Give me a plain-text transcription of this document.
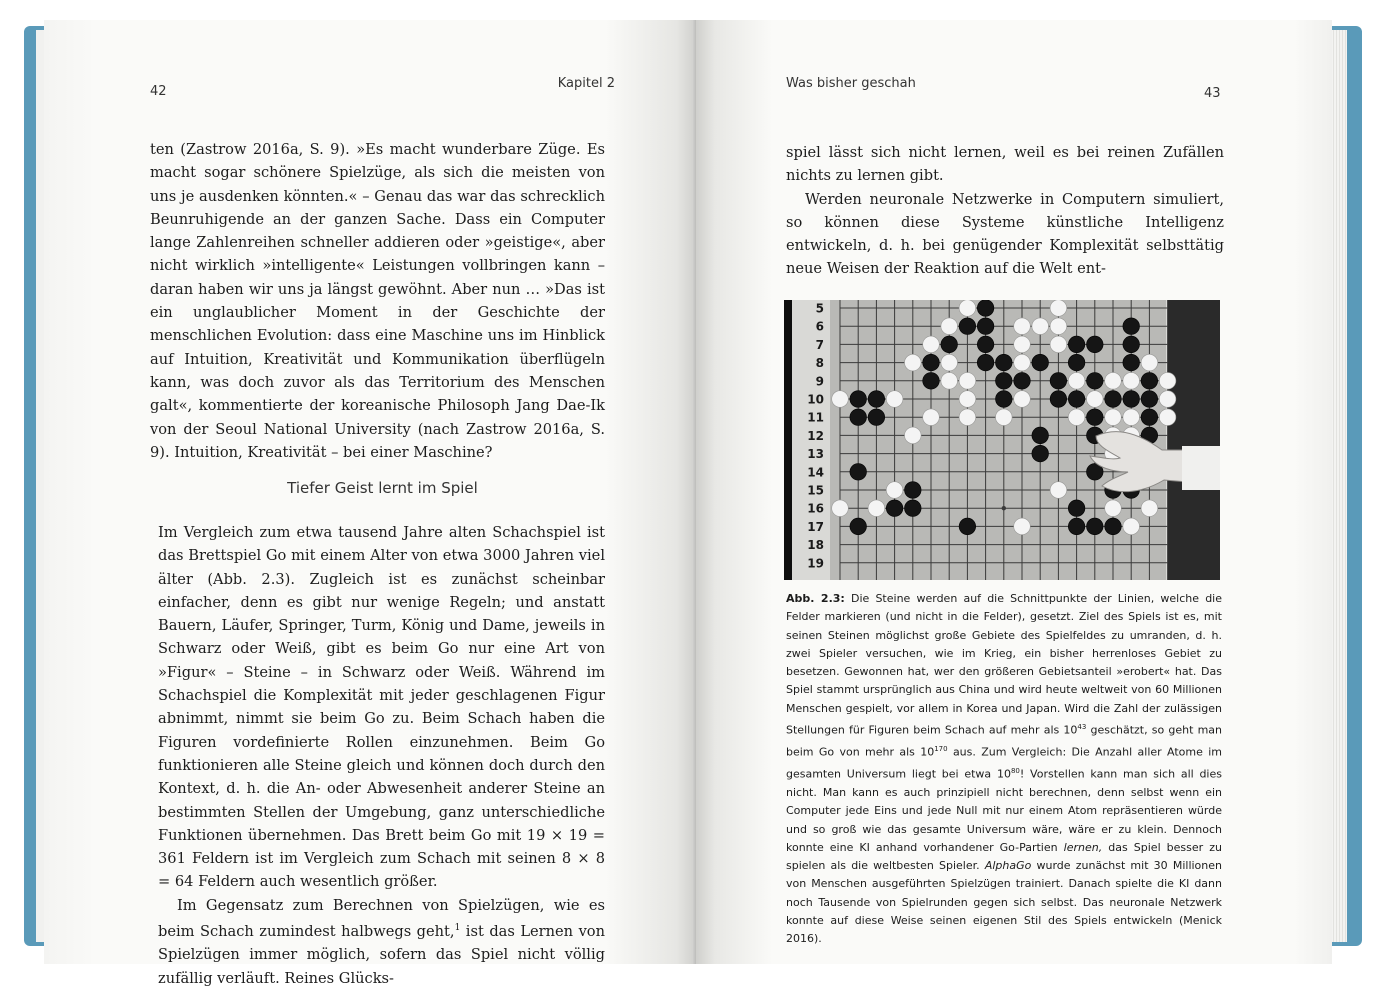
42
Kapitel 2

ten (Zastrow 2016a, S. 9). »Es macht wunderbare Züge. Es macht sogar schönere Spielzüge, als sich die meisten von uns je ausdenken könnten.« – Genau das war das schrecklich Beunruhigende an der ganzen Sache. Dass ein Computer lange Zahlenreihen schneller addieren oder »geistige«, aber nicht wirklich »intelligente« Leistungen vollbringen kann – daran haben wir uns ja längst gewöhnt. Aber nun … »Das ist ein unglaublicher Moment in der Geschichte der menschlichen Evolution: dass eine Maschine uns im Hinblick auf Intuition, Kreativität und Kommunikation überflügeln kann, was doch zuvor als das Territorium des Menschen galt«, kommentierte der koreanische Philosoph Jang Dae-Ik von der Seoul National University (nach Zastrow 2016a, S. 9). Intuition, Kreativität – bei einer Maschine?

Tiefer Geist lernt im Spiel

Im Vergleich zum etwa tausend Jahre alten Schachspiel ist das Brettspiel Go mit einem Alter von etwa 3000 Jahren viel älter (Abb. 2.3). Zugleich ist es zunächst scheinbar einfacher, denn es gibt nur wenige Regeln; und anstatt Bauern, Läufer, Springer, Turm, König und Dame, jeweils in Schwarz oder Weiß, gibt es beim Go nur eine Art von »Figur« – Steine – in Schwarz oder Weiß. Während im Schachspiel die Komplexität mit jeder geschlagenen Figur abnimmt, nimmt sie beim Go zu. Beim Schach haben die Figuren vordefinierte Rollen einzunehmen. Beim Go funktionieren alle Steine gleich und können doch durch den Kontext, d. h. die An- oder Abwesenheit anderer Steine an bestimmten Stellen der Umgebung, ganz unterschiedliche Funktionen übernehmen. Das Brett beim Go mit 19 × 19 = 361 Feldern ist im Vergleich zum Schach mit seinen 8 × 8 = 64 Feldern auch wesentlich größer.

Im Gegensatz zum Berechnen von Spielzügen, wie es beim Schach zumindest halbwegs geht,$^1$ ist das Lernen von Spielzügen immer möglich, sofern das Spiel nicht völlig zufällig verläuft. Reines Glücks-

Was bisher geschah
43

spiel lässt sich nicht lernen, weil es bei reinen Zufällen nichts zu lernen gibt.

Werden neuronale Netzwerke in Computern simuliert, so können diese Systeme künstliche Intelligenz entwickeln, d. h. bei genügender Komplexität selbsttätig neue Weisen der Reaktion auf die Welt ent-

5
6
7
8
9
10
11
12
13
14
15
16
17
18
19

Abb. 2.3: Die Steine werden auf die Schnittpunkte der Linien, welche die Felder markieren (und nicht in die Felder), gesetzt. Ziel des Spiels ist es, mit seinen Steinen möglichst große Gebiete des Spielfeldes zu umranden, d. h. zwei Spieler versuchen, wie im Krieg, ein bisher herrenloses Gebiet zu besetzen. Gewonnen hat, wer den größeren Gebietsanteil »erobert« hat. Das Spiel stammt ursprünglich aus China und wird heute weltweit von 60 Millionen Menschen gespielt, vor allem in Korea und Japan. Wird die Zahl der zulässigen Stellungen für Figuren beim Schach auf mehr als $10^{43}$ geschätzt, so geht man beim Go von mehr als $10^{170}$ aus. Zum Vergleich: Die Anzahl aller Atome im gesamten Universum liegt bei etwa $10^{80}$! Vorstellen kann man sich all dies nicht. Man kann es auch prinzipiell nicht berechnen, denn selbst wenn ein Computer jede Eins und jede Null mit nur einem Atom repräsentieren würde und so groß wie das gesamte Universum wäre, wäre er zu klein. Dennoch konnte eine KI anhand vorhandener Go-Partien lernen, das Spiel besser zu spielen als die weltbesten Spieler. AlphaGo wurde zunächst mit 30 Millionen von Menschen ausgeführten Spielzügen trainiert. Danach spielte die KI dann noch Tausende von Spielrunden gegen sich selbst. Das neuronale Netzwerk konnte auf diese Weise seinen eigenen Stil des Spiels entwickeln (Menick 2016).
